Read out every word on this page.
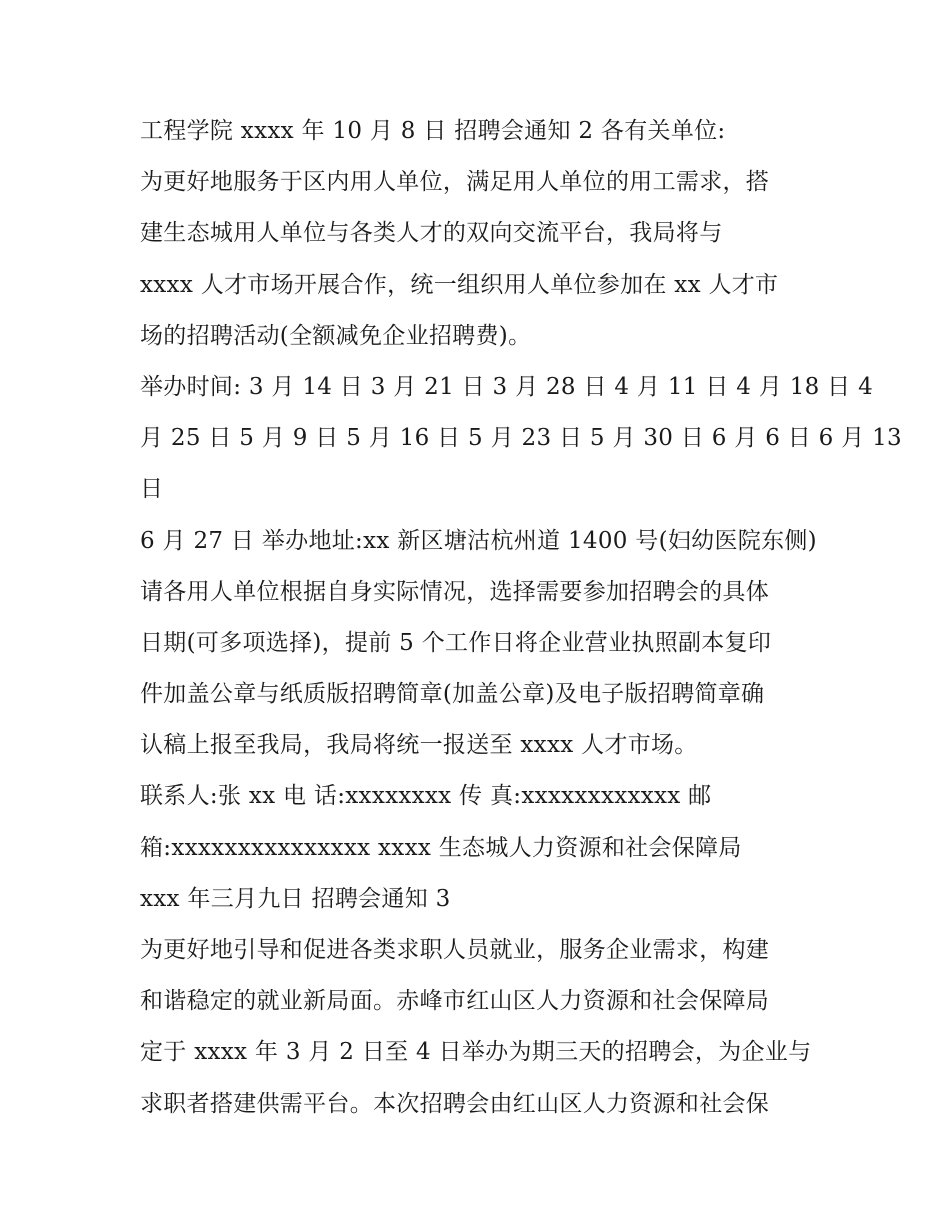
工程学院 xxxx 年 10 月 8 日 招聘会通知 2 各有关单位:
为更好地服务于区内用人单位，满足用人单位的用工需求，搭
建生态城用人单位与各类人才的双向交流平台，我局将与
xxxx 人才市场开展合作，统一组织用人单位参加在 xx 人才市
场的招聘活动(全额减免企业招聘费)。
举办时间: 3 月 14 日 3 月 21 日 3 月 28 日 4 月 11 日 4 月 18 日 4
月 25 日 5 月 9 日 5 月 16 日 5 月 23 日 5 月 30 日 6 月 6 日 6 月 13
日
6 月 27 日 举办地址:xx 新区塘沽杭州道 1400 号(妇幼医院东侧)
请各用人单位根据自身实际情况，选择需要参加招聘会的具体
日期(可多项选择)，提前 5 个工作日将企业营业执照副本复印
件加盖公章与纸质版招聘简章(加盖公章)及电子版招聘简章确
认稿上报至我局，我局将统一报送至 xxxx 人才市场。
联系人:张 xx 电 话:xxxxxxxx 传 真:xxxxxxxxxxxx 邮
箱:xxxxxxxxxxxxxxx xxxx 生态城人力资源和社会保障局
xxx 年三月九日 招聘会通知 3
为更好地引导和促进各类求职人员就业，服务企业需求，构建
和谐稳定的就业新局面。赤峰市红山区人力资源和社会保障局
定于 xxxx 年 3 月 2 日至 4 日举办为期三天的招聘会，为企业与
求职者搭建供需平台。本次招聘会由红山区人力资源和社会保
